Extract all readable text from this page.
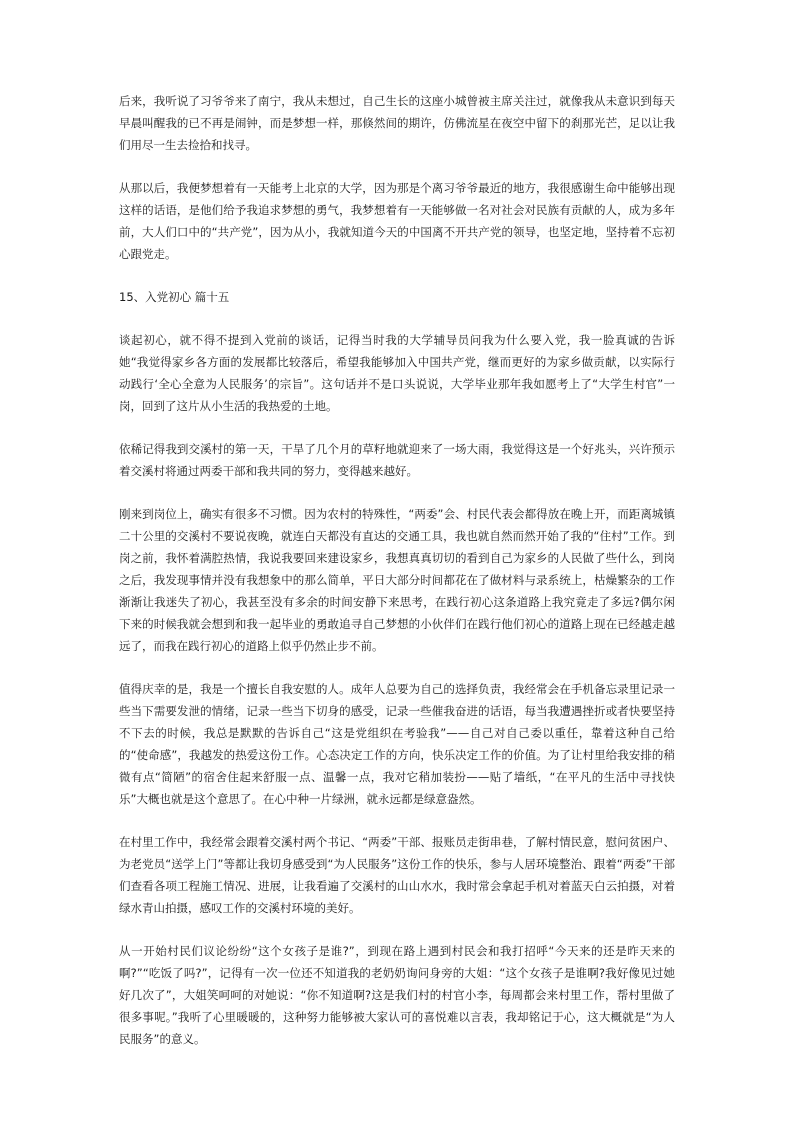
后来，我听说了习爷爷来了南宁，我从未想过，自己生长的这座小城曾被主席关注过，就像我从未意识到每天早晨叫醒我的已不再是闹钟，而是梦想一样，那倏然间的期许，仿佛流星在夜空中留下的刹那光芒，足以让我们用尽一生去捡拾和找寻。

从那以后，我便梦想着有一天能考上北京的大学，因为那是个离习爷爷最近的地方，我很感谢生命中能够出现这样的话语，是他们给予我追求梦想的勇气，我梦想着有一天能够做一名对社会对民族有贡献的人，成为多年前，大人们口中的“共产党”，因为从小，我就知道今天的中国离不开共产党的领导，也坚定地，坚持着不忘初心跟党走。

15、入党初心 篇十五

谈起初心，就不得不提到入党前的谈话，记得当时我的大学辅导员问我为什么要入党，我一脸真诚的告诉她“我觉得家乡各方面的发展都比较落后，希望我能够加入中国共产党，继而更好的为家乡做贡献，以实际行动践行‘全心全意为人民服务’的宗旨”。这句话并不是口头说说，大学毕业那年我如愿考上了“大学生村官”一岗，回到了这片从小生活的我热爱的土地。

依稀记得我到交溪村的第一天，干旱了几个月的草籽地就迎来了一场大雨，我觉得这是一个好兆头，兴许预示着交溪村将通过两委干部和我共同的努力，变得越来越好。

刚来到岗位上，确实有很多不习惯。因为农村的特殊性，“两委”会、村民代表会都得放在晚上开，而距离城镇二十公里的交溪村不要说夜晚，就连白天都没有直达的交通工具，我也就自然而然开始了我的“住村”工作。到岗之前，我怀着满腔热情，我说我要回来建设家乡，我想真真切切的看到自己为家乡的人民做了些什么，到岗之后，我发现事情并没有我想象中的那么简单，平日大部分时间都花在了做材料与录系统上，枯燥繁杂的工作渐渐让我迷失了初心，我甚至没有多余的时间安静下来思考，在践行初心这条道路上我究竟走了多远?偶尔闲下来的时候我就会想到和我一起毕业的勇敢追寻自己梦想的小伙伴们在践行他们初心的道路上现在已经越走越远了，而我在践行初心的道路上似乎仍然止步不前。

值得庆幸的是，我是一个擅长自我安慰的人。成年人总要为自己的选择负责，我经常会在手机备忘录里记录一些当下需要发泄的情绪，记录一些当下切身的感受，记录一些催我奋进的话语，每当我遭遇挫折或者快要坚持不下去的时候，我总是默默的告诉自己“这是党组织在考验我”——自己对自己委以重任，靠着这种自己给的“使命感”，我越发的热爱这份工作。心态决定工作的方向，快乐决定工作的价值。为了让村里给我安排的稍微有点“简陋”的宿舍住起来舒服一点、温馨一点，我对它稍加装扮——贴了墙纸，“在平凡的生活中寻找快乐”大概也就是这个意思了。在心中种一片绿洲，就永远都是绿意盎然。

在村里工作中，我经常会跟着交溪村两个书记、“两委”干部、报账员走街串巷，了解村情民意，慰问贫困户、为老党员“送学上门”等都让我切身感受到“为人民服务”这份工作的快乐，参与人居环境整治、跟着“两委”干部们查看各项工程施工情况、进展，让我看遍了交溪村的山山水水，我时常会拿起手机对着蓝天白云拍摄，对着绿水青山拍摄，感叹工作的交溪村环境的美好。

从一开始村民们议论纷纷“这个女孩子是谁?”，到现在路上遇到村民会和我打招呼“今天来的还是昨天来的啊?”“吃饭了吗?”，记得有一次一位还不知道我的老奶奶询问身旁的大姐：“这个女孩子是谁啊?我好像见过她好几次了”，大姐笑呵呵的对她说：“你不知道啊?这是我们村的村官小李，每周都会来村里工作，帮村里做了很多事呢。”我听了心里暖暖的，这种努力能够被大家认可的喜悦难以言表，我却铭记于心，这大概就是“为人民服务”的意义。
